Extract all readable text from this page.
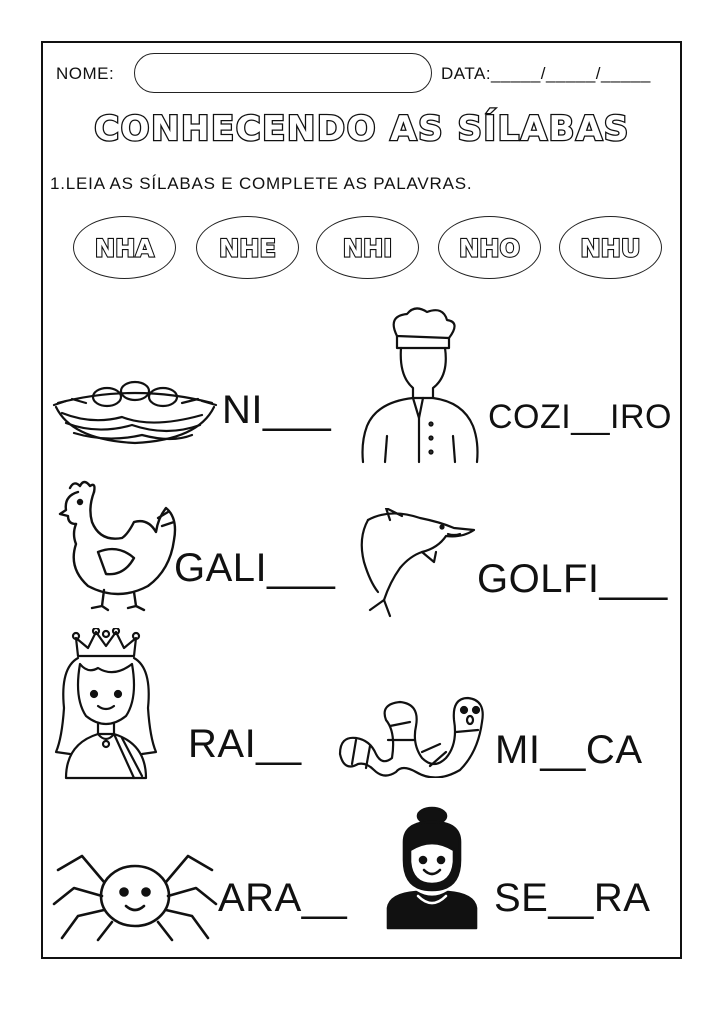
NOME:	DATA:_____/_____/_____
CONHECENDO AS SÍLABAS
1.LEIA AS SÍLABAS E COMPLETE AS PALAVRAS.
NHA	NHE	NHI	NHO NHU
NI___	COZI__IRO
GALI___	GOLFI___
RAI__	MI__CA
ARA__	SE__RA
